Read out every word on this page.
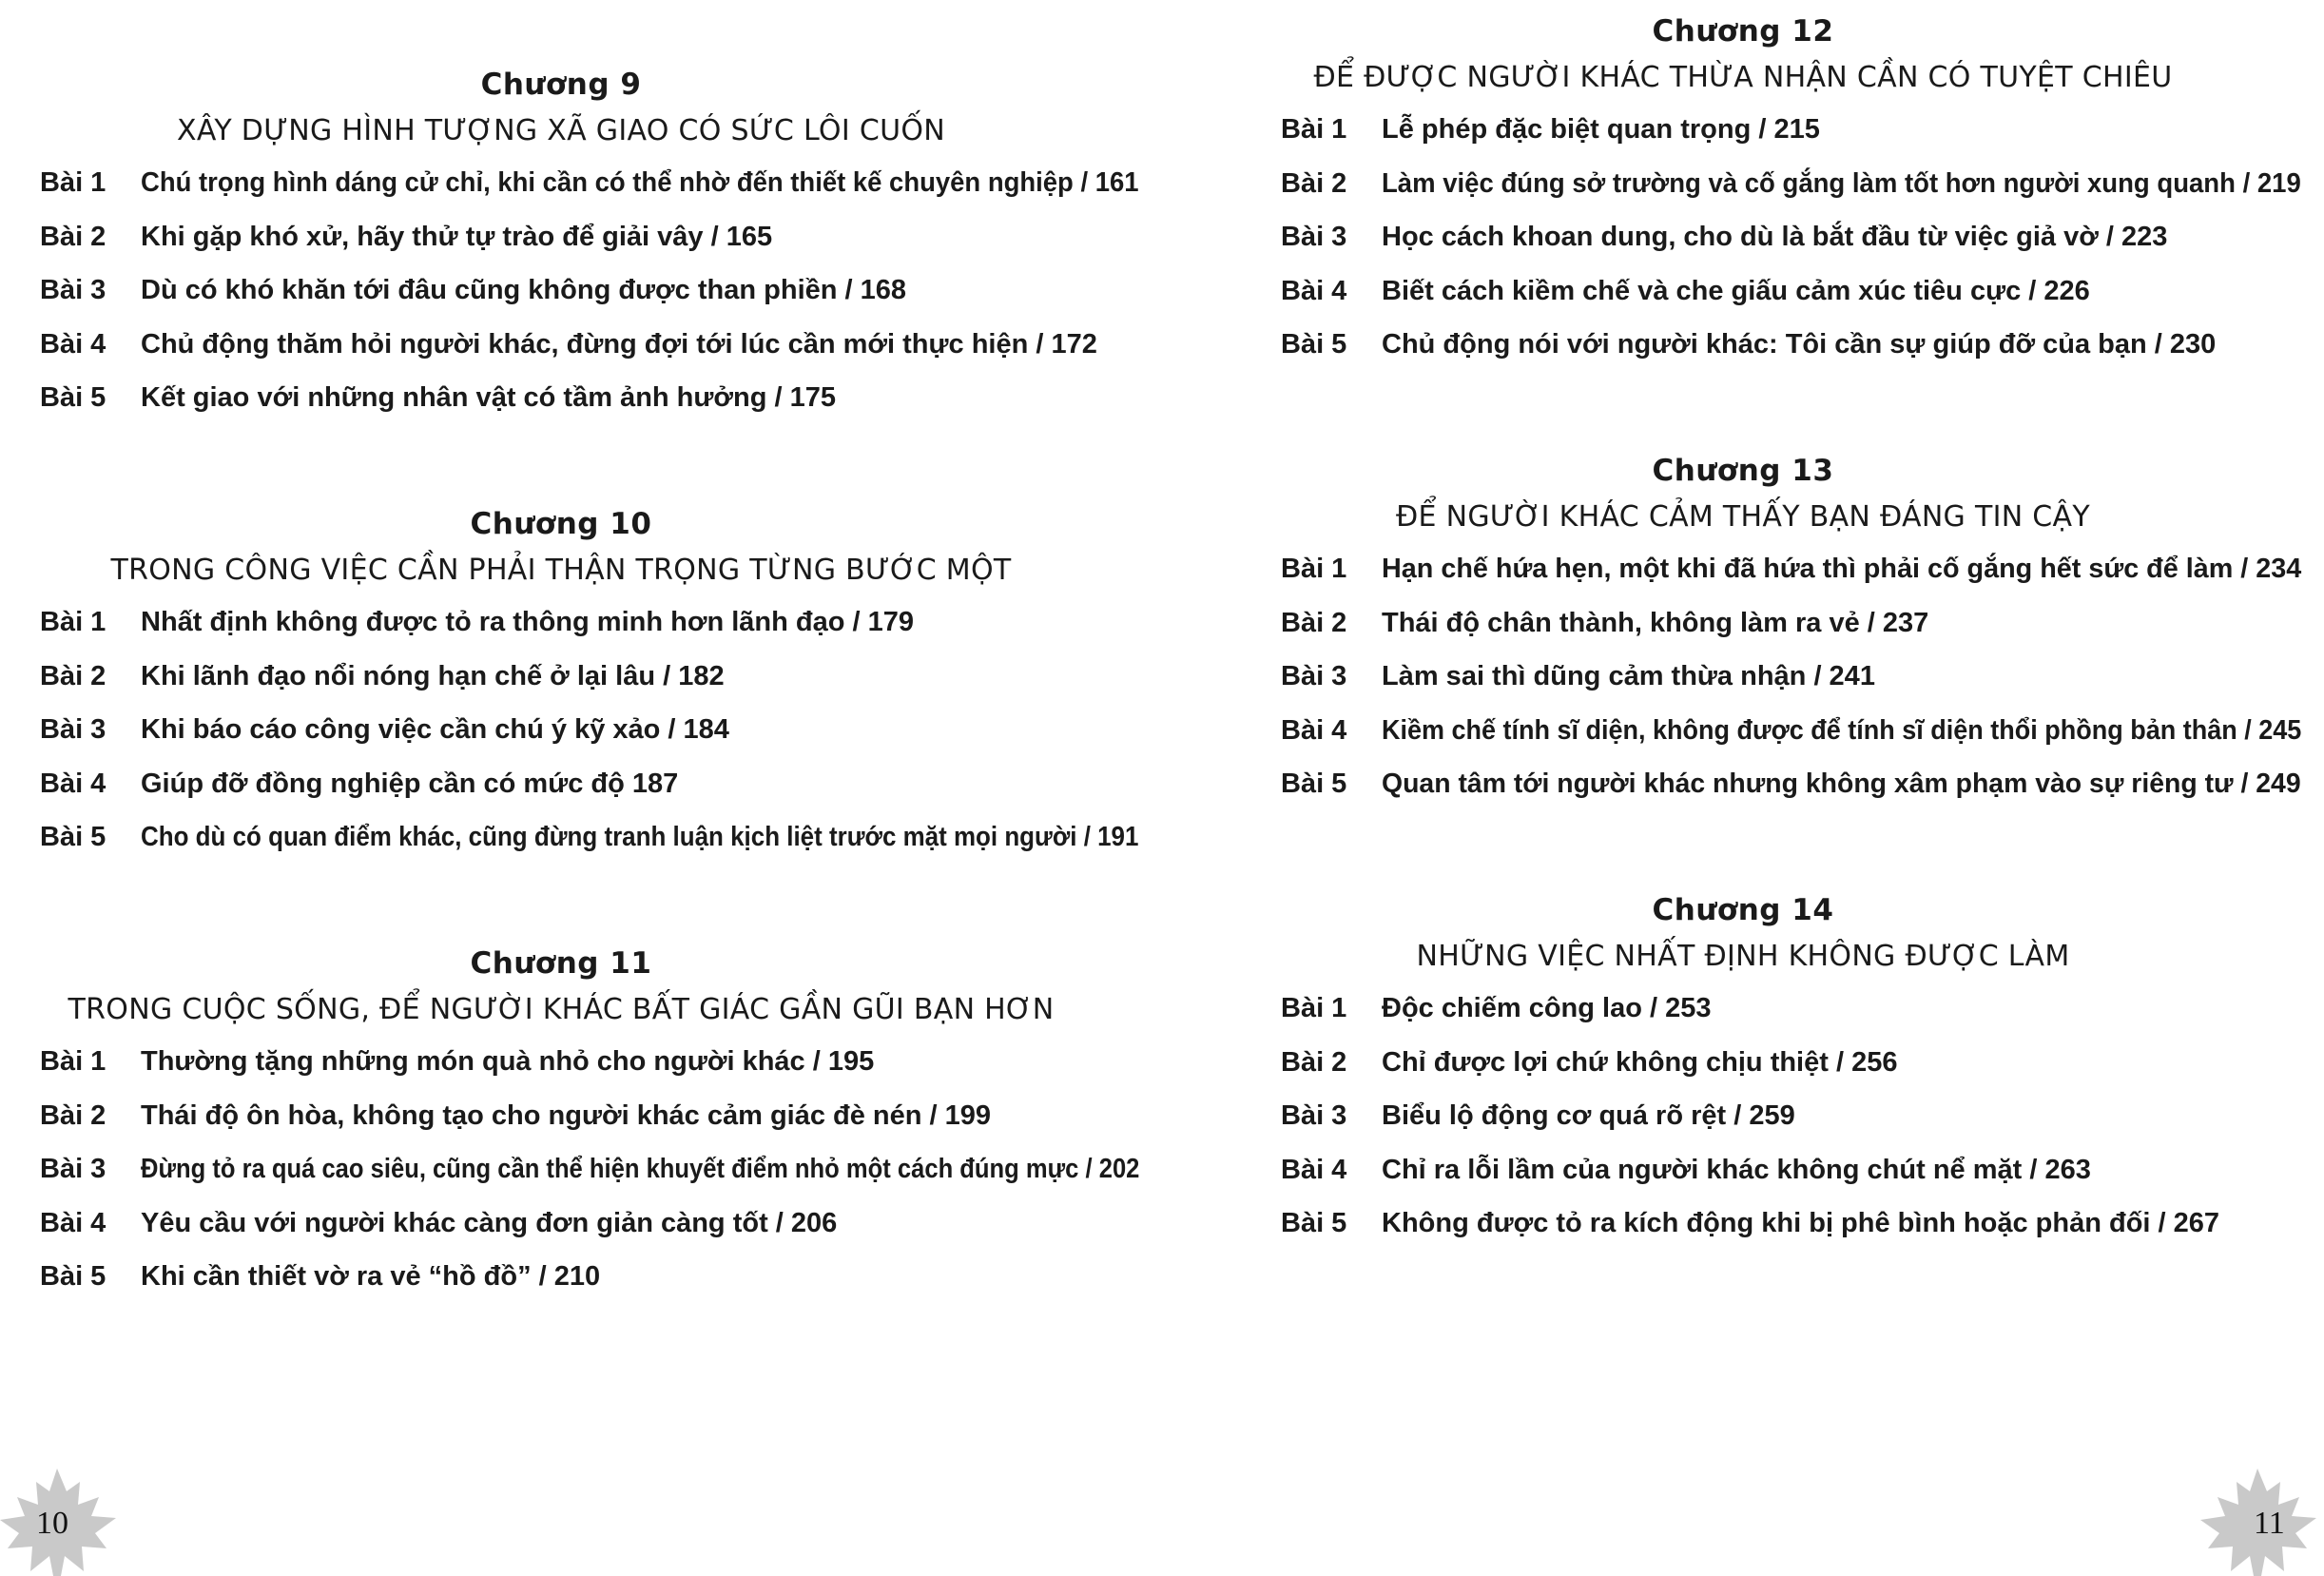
Chương 9
XÂY DỰNG HÌNH TƯỢNG XÃ GIAO CÓ SỨC LÔI CUỐN
Bài 1 Chú trọng hình dáng cử chỉ, khi cần có thể nhờ đến thiết kế chuyên nghiệp / 161
Bài 2 Khi gặp khó xử, hãy thử tự trào để giải vây / 165
Bài 3 Dù có khó khăn tới đâu cũng không được than phiền / 168
Bài 4 Chủ động thăm hỏi người khác, đừng đợi tới lúc cần mới thực hiện / 172
Bài 5 Kết giao với những nhân vật có tầm ảnh hưởng / 175
Chương 10
TRONG CÔNG VIỆC CẦN PHẢI THẬN TRỌNG TỪNG BƯỚC MỘT
Bài 1 Nhất định không được tỏ ra thông minh hơn lãnh đạo / 179
Bài 2 Khi lãnh đạo nổi nóng hạn chế ở lại lâu / 182
Bài 3 Khi báo cáo công việc cần chú ý kỹ xảo / 184
Bài 4 Giúp đỡ đồng nghiệp cần có mức độ 187
Bài 5 Cho dù có quan điểm khác, cũng đừng tranh luận kịch liệt trước mặt mọi người / 191
Chương 11
TRONG CUỘC SỐNG, ĐỂ NGƯỜI KHÁC BẤT GIÁC GẦN GŨI BẠN HƠN
Bài 1 Thường tặng những món quà nhỏ cho người khác / 195
Bài 2 Thái độ ôn hòa, không tạo cho người khác cảm giác đè nén / 199
Bài 3 Đừng tỏ ra quá cao siêu, cũng cần thể hiện khuyết điểm nhỏ một cách đúng mực / 202
Bài 4 Yêu cầu với người khác càng đơn giản càng tốt / 206
Bài 5 Khi cần thiết vờ ra vẻ “hồ đồ” / 210
10
Chương 12
ĐỂ ĐƯỢC NGƯỜI KHÁC THỪA NHẬN CẦN CÓ TUYỆT CHIÊU
Bài 1 Lễ phép đặc biệt quan trọng / 215
Bài 2 Làm việc đúng sở trường và cố gắng làm tốt hơn người xung quanh / 219
Bài 3 Học cách khoan dung, cho dù là bắt đầu từ việc giả vờ / 223
Bài 4 Biết cách kiềm chế và che giấu cảm xúc tiêu cực / 226
Bài 5 Chủ động nói với người khác: Tôi cần sự giúp đỡ của bạn / 230
Chương 13
ĐỂ NGƯỜI KHÁC CẢM THẤY BẠN ĐÁNG TIN CẬY
Bài 1 Hạn chế hứa hẹn, một khi đã hứa thì phải cố gắng hết sức để làm / 234
Bài 2 Thái độ chân thành, không làm ra vẻ / 237
Bài 3 Làm sai thì dũng cảm thừa nhận / 241
Bài 4 Kiềm chế tính sĩ diện, không được để tính sĩ diện thổi phồng bản thân / 245
Bài 5 Quan tâm tới người khác nhưng không xâm phạm vào sự riêng tư / 249
Chương 14
NHỮNG VIỆC NHẤT ĐỊNH KHÔNG ĐƯỢC LÀM
Bài 1 Độc chiếm công lao / 253
Bài 2 Chỉ được lợi chứ không chịu thiệt / 256
Bài 3 Biểu lộ động cơ quá rõ rệt / 259
Bài 4 Chỉ ra lỗi lầm của người khác không chút nể mặt / 263
Bài 5 Không được tỏ ra kích động khi bị phê bình hoặc phản đối / 267
11
